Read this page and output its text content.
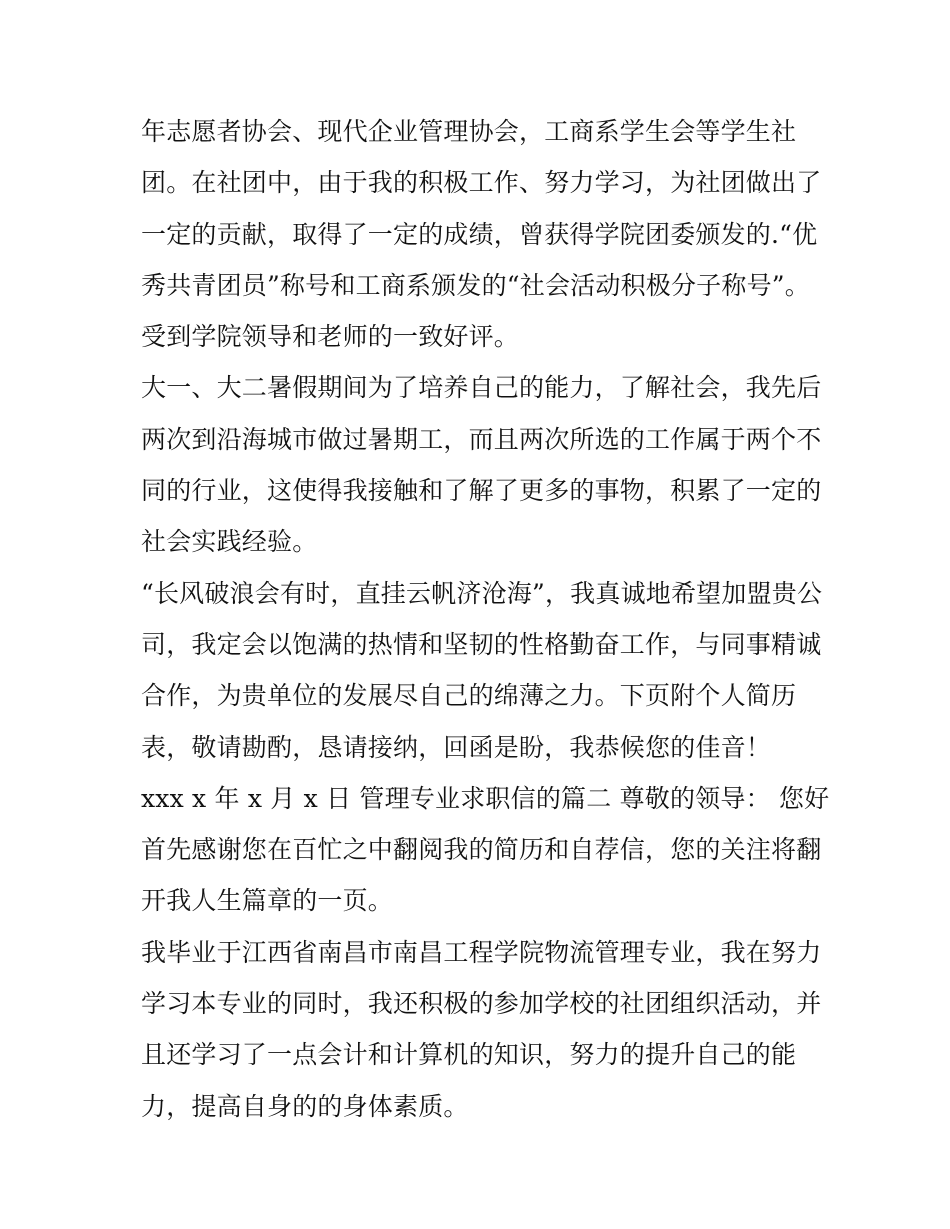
年志愿者协会、现代企业管理协会，工商系学生会等学生社
团。在社团中，由于我的积极工作、努力学习，为社团做出了
一定的贡献，取得了一定的成绩，曾获得学院团委颁发的.“优
秀共青团员”称号和工商系颁发的“社会活动积极分子称号”。
受到学院领导和老师的一致好评。
大一、大二暑假期间为了培养自己的能力，了解社会，我先后
两次到沿海城市做过暑期工，而且两次所选的工作属于两个不
同的行业，这使得我接触和了解了更多的事物，积累了一定的
社会实践经验。
“长风破浪会有时，直挂云帆济沧海”，我真诚地希望加盟贵公
司，我定会以饱满的热情和坚韧的性格勤奋工作，与同事精诚
合作，为贵单位的发展尽自己的绵薄之力。下页附个人简历
表，敬请勘酌，恳请接纳，回函是盼，我恭候您的佳音！
xxx x 年 x 月 x 日 管理专业求职信的篇二 尊敬的领导： 您好
首先感谢您在百忙之中翻阅我的简历和自荐信，您的关注将翻
开我人生篇章的一页。
我毕业于江西省南昌市南昌工程学院物流管理专业，我在努力
学习本专业的同时，我还积极的参加学校的社团组织活动，并
且还学习了一点会计和计算机的知识，努力的提升自己的能
力，提高自身的的身体素质。
